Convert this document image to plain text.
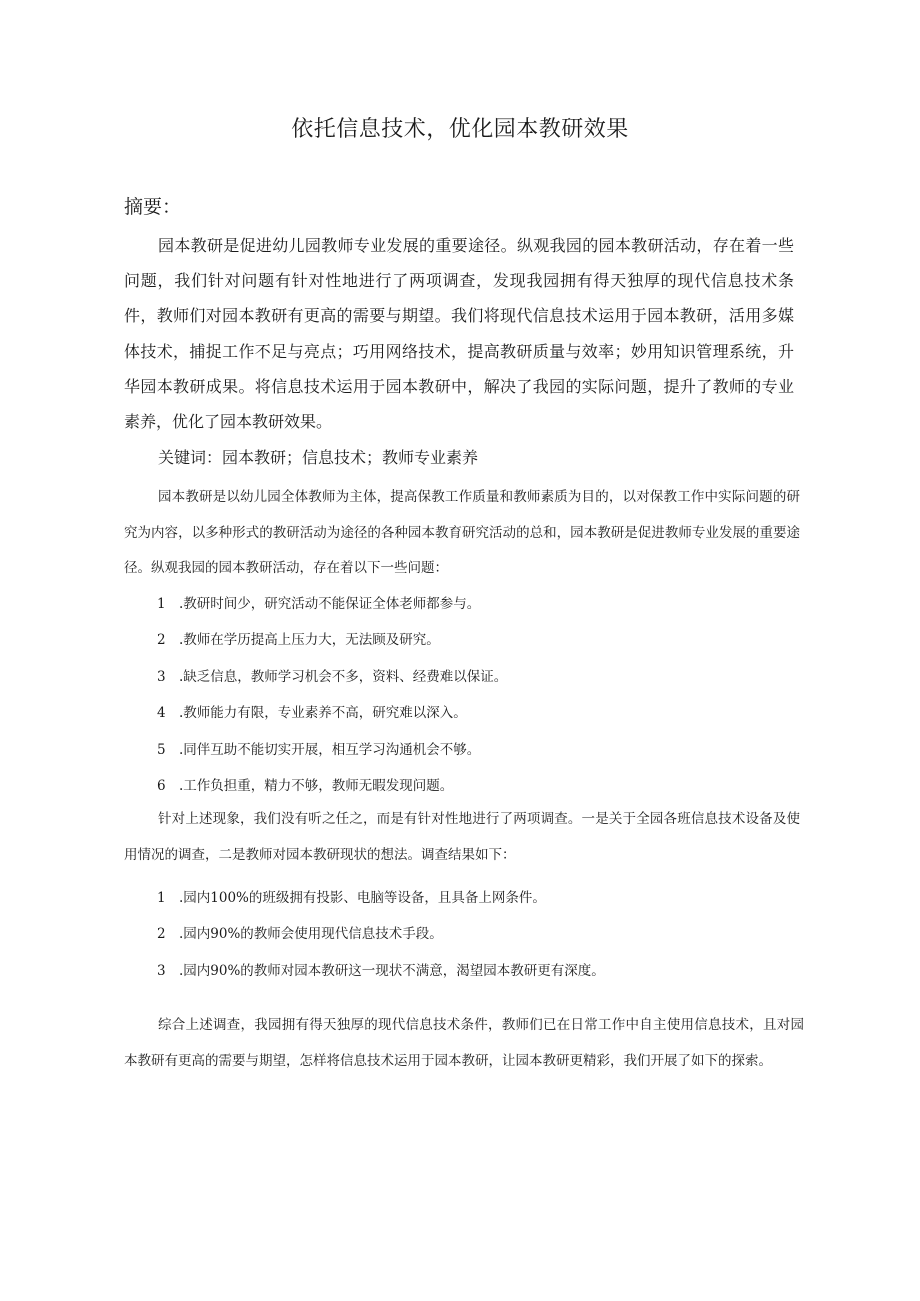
依托信息技术，优化园本教研效果
摘要：

园本教研是促进幼儿园教师专业发展的重要途径。纵观我园的园本教研活动，存在着一些问题，我们针对问题有针对性地进行了两项调查，发现我园拥有得天独厚的现代信息技术条件，教师们对园本教研有更高的需要与期望。我们将现代信息技术运用于园本教研，活用多媒体技术，捕捉工作不足与亮点；巧用网络技术，提高教研质量与效率；妙用知识管理系统，升华园本教研成果。将信息技术运用于园本教研中，解决了我园的实际问题，提升了教师的专业素养，优化了园本教研效果。

关键词：园本教研；信息技术；教师专业素养

园本教研是以幼儿园全体教师为主体，提高保教工作质量和教师素质为目的，以对保教工作中实际问题的研究为内容，以多种形式的教研活动为途径的各种园本教育研究活动的总和，园本教研是促进教师专业发展的重要途径。纵观我园的园本教研活动，存在着以下一些问题：

1 .教研时间少，研究活动不能保证全体老师都参与。
2 .教师在学历提高上压力大，无法顾及研究。
3 .缺乏信息，教师学习机会不多，资料、经费难以保证。
4 .教师能力有限，专业素养不高，研究难以深入。
5 .同伴互助不能切实开展，相互学习沟通机会不够。
6 .工作负担重，精力不够，教师无暇发现问题。

针对上述现象，我们没有听之任之，而是有针对性地进行了两项调查。一是关于全园各班信息技术设备及使用情况的调查，二是教师对园本教研现状的想法。调查结果如下：

1 .园内100%的班级拥有投影、电脑等设备，且具备上网条件。
2 .园内90%的教师会使用现代信息技术手段。
3 .园内90%的教师对园本教研这一现状不满意，渴望园本教研更有深度。

综合上述调查，我园拥有得天独厚的现代信息技术条件，教师们已在日常工作中自主使用信息技术，且对园本教研有更高的需要与期望，怎样将信息技术运用于园本教研，让园本教研更精彩，我们开展了如下的探索。
